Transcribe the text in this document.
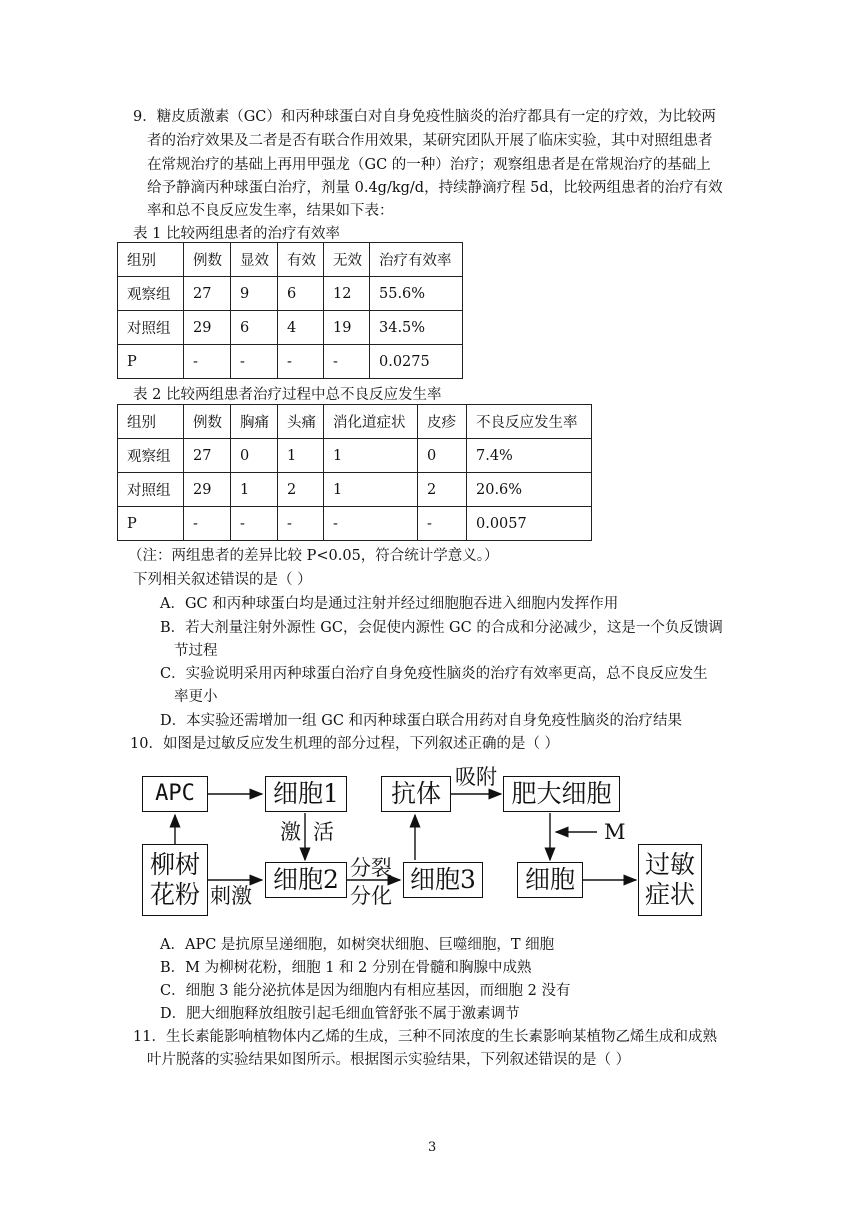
9．糖皮质激素（GC）和丙种球蛋白对自身免疫性脑炎的治疗都具有一定的疗效，为比较两
者的治疗效果及二者是否有联合作用效果，某研究团队开展了临床实验，其中对照组患者
在常规治疗的基础上再用甲强龙（GC 的一种）治疗；观察组患者是在常规治疗的基础上
给予静滴丙种球蛋白治疗，剂量 0.4g/kg/d，持续静滴疗程 5d，比较两组患者的治疗有效
率和总不良反应发生率，结果如下表：
表 1 比较两组患者的治疗有效率
组别	例数	显效	有效	无效	治疗有效率
观察组	27	9	6	12	55.6%
对照组	29	6	4	19	34.5%
P	-	-	-	-	0.0275
表 2 比较两组患者治疗过程中总不良反应发生率
组别	例数	胸痛	头痛	消化道症状	皮疹	不良反应发生率
观察组	27	0	1	1	0	7.4%
对照组	29	1	2	1	2	20.6%
P	-	-	-	-	-	0.0057
（注：两组患者的差异比较 P<0.05，符合统计学意义。）
下列相关叙述错误的是（ ）
A．GC 和丙种球蛋白均是通过注射并经过细胞胞吞进入细胞内发挥作用
B．若大剂量注射外源性 GC，会促使内源性 GC 的合成和分泌减少，这是一个负反馈调
节过程
C．实验说明采用丙种球蛋白治疗自身免疫性脑炎的治疗有效率更高，总不良反应发生
率更小
D．本实验还需增加一组 GC 和丙种球蛋白联合用药对自身免疫性脑炎的治疗结果
10．如图是过敏反应发生机理的部分过程，下列叙述正确的是（ ）
APC	细胞1	抗体	肥大细胞
柳树
花粉
细胞2	细胞3	细胞
过敏
症状
吸附
激 活	M
刺激
分裂
分化
A．APC 是抗原呈递细胞，如树突状细胞、巨噬细胞，T 细胞
B．M 为柳树花粉，细胞 1 和 2 分别在骨髓和胸腺中成熟
C．细胞 3 能分泌抗体是因为细胞内有相应基因，而细胞 2 没有
D．肥大细胞释放组胺引起毛细血管舒张不属于激素调节
11．生长素能影响植物体内乙烯的生成，三种不同浓度的生长素影响某植物乙烯生成和成熟
叶片脱落的实验结果如图所示。根据图示实验结果，下列叙述错误的是（ ）
3
